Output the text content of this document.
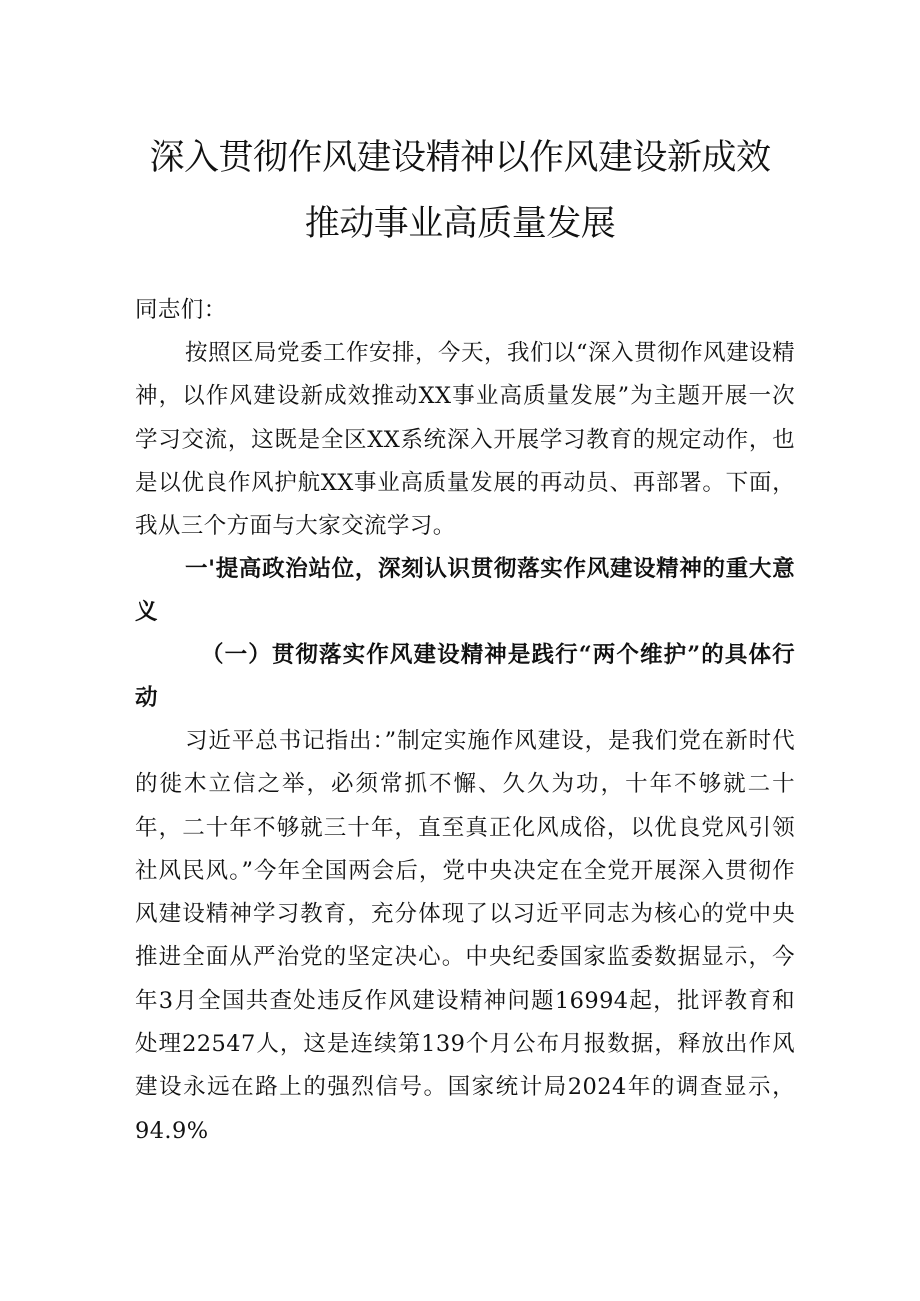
深入贯彻作风建设精神以作风建设新成效
推动事业高质量发展
同志们：
按照区局党委工作安排，今天，我们以“深入贯彻作风建设精神，以作风建设新成效推动XX事业高质量发展”为主题开展一次学习交流，这既是全区XX系统深入开展学习教育的规定动作，也是以优良作风护航XX事业高质量发展的再动员、再部署。下面，我从三个方面与大家交流学习。
一'提高政治站位，深刻认识贯彻落实作风建设精神的重大意义
（一）贯彻落实作风建设精神是践行“两个维护”的具体行动
习近平总书记指出：”制定实施作风建设，是我们党在新时代的徙木立信之举，必须常抓不懈、久久为功，十年不够就二十年，二十年不够就三十年，直至真正化风成俗，以优良党风引领社风民风。”今年全国两会后，党中央决定在全党开展深入贯彻作风建设精神学习教育，充分体现了以习近平同志为核心的党中央推进全面从严治党的坚定决心。中央纪委国家监委数据显示，今年3月全国共查处违反作风建设精神问题16994起，批评教育和处理22547人，这是连续第139个月公布月报数据，释放出作风建设永远在路上的强烈信号。国家统计局2024年的调查显示，94.9%
